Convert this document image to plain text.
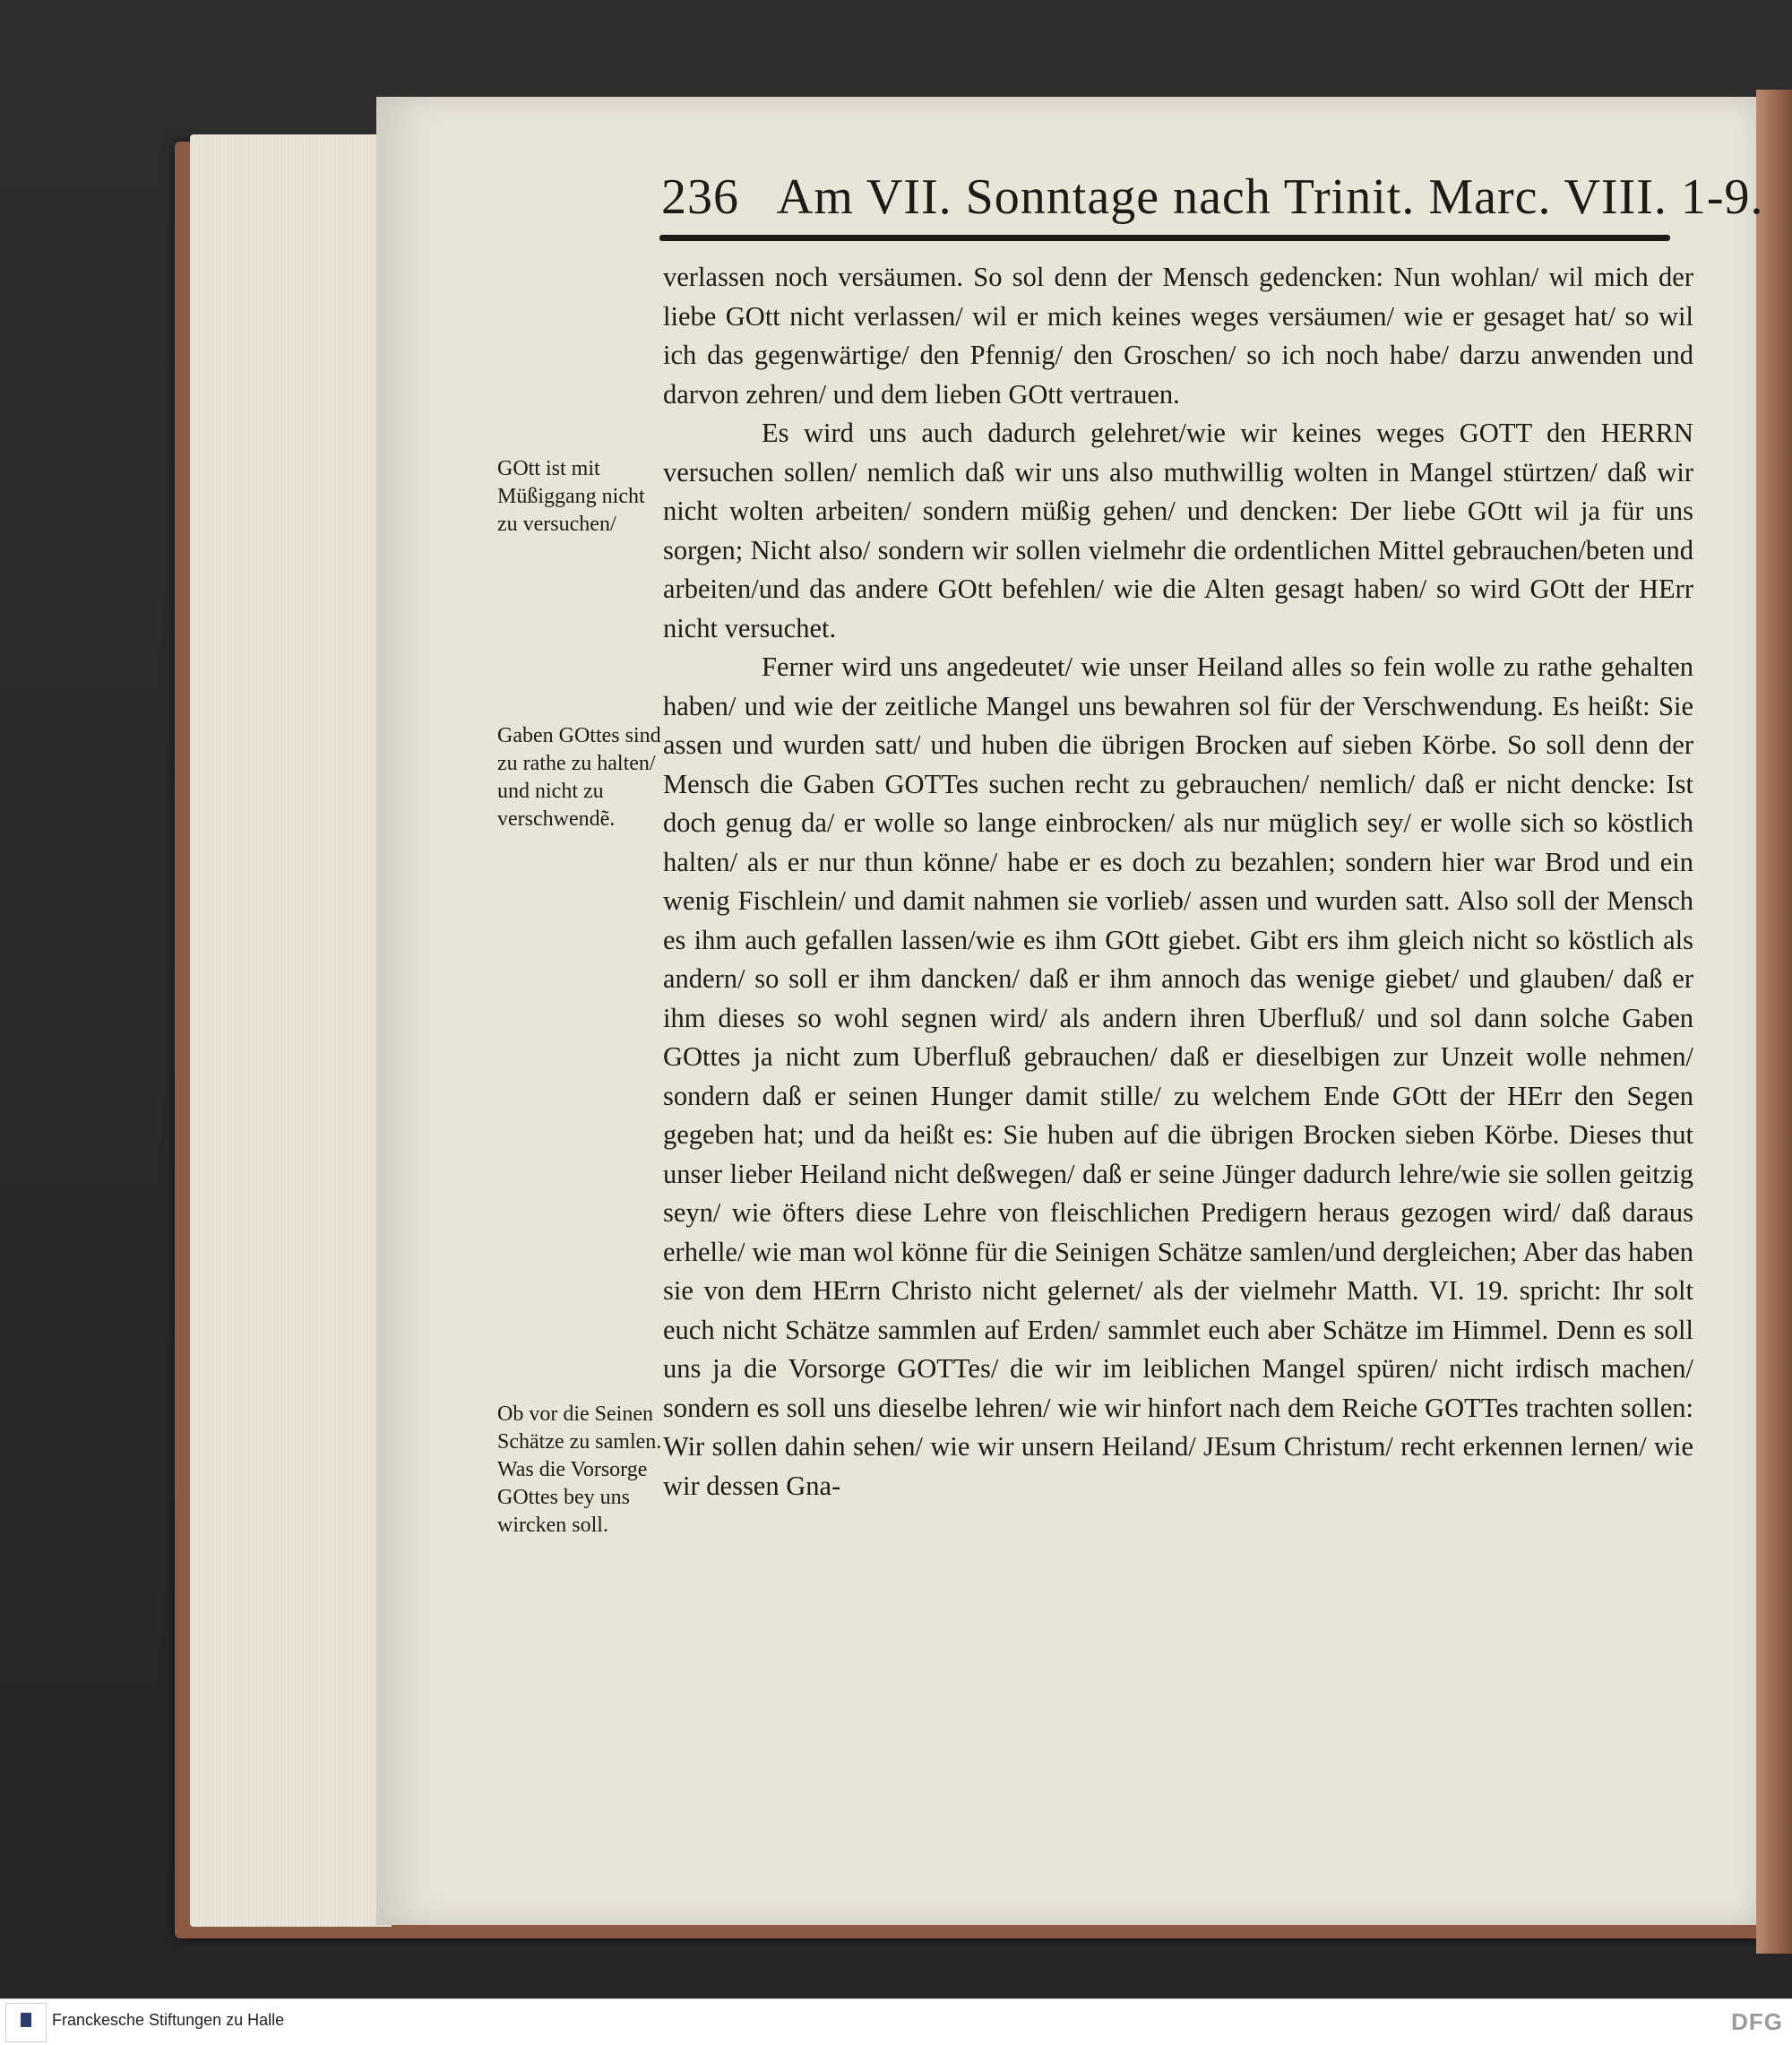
236 Am VII. Sonntage nach Trinit. Marc. VIII. 1-9.
GOtt ist mit Müßiggang nicht zu versuchen/
Gaben GOttes sind zu rathe zu halten/ und nicht zu verschwendẽ.
Ob vor die Seinen Schätze zu samlen. Was die Vorsorge GOttes bey uns wircken soll.

verlassen noch versäumen. So sol denn der Mensch gedencken: Nun wohlan/ wil mich der liebe GOtt nicht verlassen/ wil er mich keines weges versäumen/ wie er gesaget hat/ so wil ich das gegenwärtige/ den Pfennig/ den Groschen/ so ich noch habe/ darzu anwenden und darvon zehren/ und dem lieben GOtt vertrauen.

Es wird uns auch dadurch gelehret/wie wir keines weges GOTT den HERRN versuchen sollen/ nemlich daß wir uns also muthwillig wolten in Mangel stürtzen/ daß wir nicht wolten arbeiten/ sondern müßig gehen/ und dencken: Der liebe GOtt wil ja für uns sorgen; Nicht also/ sondern wir sollen vielmehr die ordentlichen Mittel gebrauchen/beten und arbeiten/und das andere GOtt befehlen/ wie die Alten gesagt haben/ so wird GOtt der HErr nicht versuchet.

Ferner wird uns angedeutet/ wie unser Heiland alles so fein wolle zu rathe gehalten haben/ und wie der zeitliche Mangel uns bewahren sol für der Verschwendung. Es heißt: Sie assen und wurden satt/ und huben die übrigen Brocken auf sieben Körbe. So soll denn der Mensch die Gaben GOTTes suchen recht zu gebrauchen/ nemlich/ daß er nicht dencke: Ist doch genug da/ er wolle so lange einbrocken/ als nur müglich sey/ er wolle sich so köstlich halten/ als er nur thun könne/ habe er es doch zu bezahlen; sondern hier war Brod und ein wenig Fischlein/ und damit nahmen sie vorlieb/ assen und wurden satt. Also soll der Mensch es ihm auch gefallen lassen/wie es ihm GOtt giebet. Gibt ers ihm gleich nicht so köstlich als andern/ so soll er ihm dancken/ daß er ihm annoch das wenige giebet/ und glauben/ daß er ihm dieses so wohl segnen wird/ als andern ihren Uberfluß/ und sol dann solche Gaben GOttes ja nicht zum Uberfluß gebrauchen/ daß er dieselbigen zur Unzeit wolle nehmen/ sondern daß er seinen Hunger damit stille/ zu welchem Ende GOtt der HErr den Segen gegeben hat; und da heißt es: Sie huben auf die übrigen Brocken sieben Körbe. Dieses thut unser lieber Heiland nicht deßwegen/ daß er seine Jünger dadurch lehre/wie sie sollen geitzig seyn/ wie öfters diese Lehre von fleischlichen Predigern heraus gezogen wird/ daß daraus erhelle/ wie man wol könne für die Seinigen Schätze samlen/und dergleichen; Aber das haben sie von dem HErrn Christo nicht gelernet/ als der vielmehr Matth. VI. 19. spricht: Ihr solt euch nicht Schätze sammlen auf Erden/ sammlet euch aber Schätze im Himmel. Denn es soll uns ja die Vorsorge GOTTes/ die wir im leiblichen Mangel spüren/ nicht irdisch machen/ sondern es soll uns dieselbe lehren/ wie wir hinfort nach dem Reiche GOTTes trachten sollen: Wir sollen dahin sehen/ wie wir unsern Heiland/ JEsum Christum/ recht erkennen lernen/ wie wir dessen Gna-

Franckesche Stiftungen zu Halle	DFG
